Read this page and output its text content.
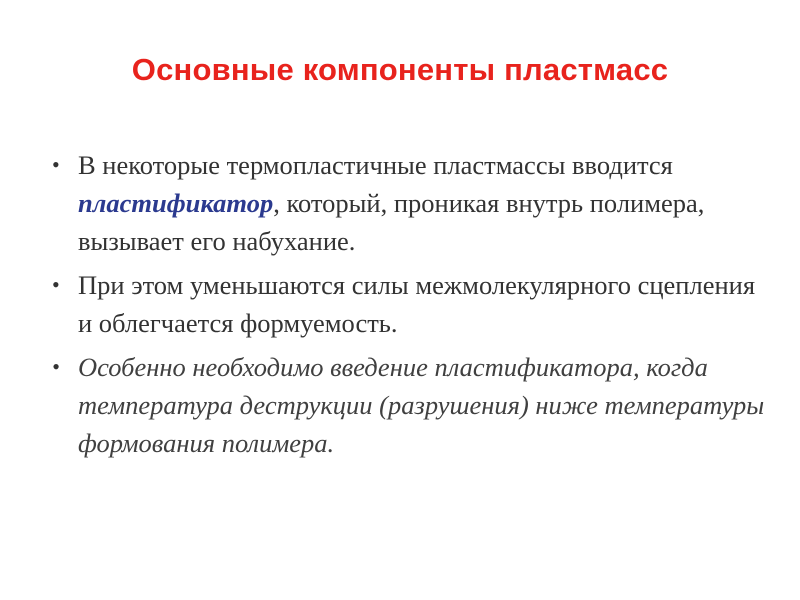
Основные компоненты пластмасс
• В некоторые термопластичные пластмассы вводится пластификатор, который, проникая внутрь полимера, вызывает его набухание.
• При этом уменьшаются силы межмолекулярного сцепления и облегчается формуемость.
• Особенно необходимо введение пластификатора, когда температура деструкции (разрушения) ниже температуры формования полимера.
